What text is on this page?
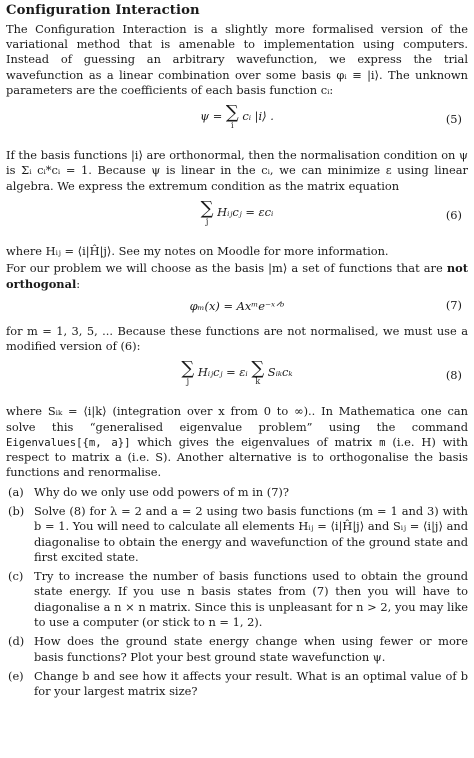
Configuration Interaction

The Configuration Interaction is a slightly more formalised version of the variational method that is amenable to implementation using computers. Instead of guessing an arbitrary wavefunction, we express the trial wavefunction as a linear combination over some basis φᵢ ≡ |i⟩. The unknown parameters are the coefficients of each basis function cᵢ:

ψ = ∑
i
cᵢ |i⟩ .	(5)

If the basis functions |i⟩ are orthonormal, then the normalisation condition on ψ is Σᵢ cᵢ*cᵢ = 1. Because ψ is linear in the cᵢ, we can minimize ε using linear algebra. We express the extremum condition as the matrix equation

∑
j
Hᵢⱼcⱼ = εcᵢ	(6)

where Hᵢⱼ = ⟨i|Ĥ|j⟩. See my notes on Moodle for more information.

For our problem we will choose as the basis |m⟩ a set of functions that are not orthogonal:

φₘ(x) = Axᵐe⁻ˣᐟᵇ	(7)

for m = 1, 3, 5, ... Because these functions are not normalised, we must use a modified version of (6):

∑
j
Hᵢⱼcⱼ = εᵢ ∑
k
Sᵢₖcₖ	(8)

where Sᵢₖ = ⟨i|k⟩ (integration over x from 0 to ∞).. In Mathematica one can solve this “generalised eigenvalue problem” using the command Eigenvalues[{m, a}] which gives the eigenvalues of matrix m (i.e. H) with respect to matrix a (i.e. S). Another alternative is to orthogonalise the basis functions and renormalise.

(a) Why do we only use odd powers of m in (7)?
(b) Solve (8) for λ = 2 and a = 2 using two basis functions (m = 1 and 3) with b = 1. You will need to calculate all elements Hᵢⱼ = ⟨i|Ĥ|j⟩ and Sᵢⱼ = ⟨i|j⟩ and diagonalise to obtain the energy and wavefunction of the ground state and first excited state.
(c) Try to increase the number of basis functions used to obtain the ground state energy. If you use n basis states from (7) then you will have to diagonalise a n × n matrix. Since this is unpleasant for n > 2, you may like to use a computer (or stick to n = 1, 2).
(d) How does the ground state energy change when using fewer or more basis functions? Plot your best ground state wavefunction ψ.
(e) Change b and see how it affects your result. What is an optimal value of b for your largest matrix size?
